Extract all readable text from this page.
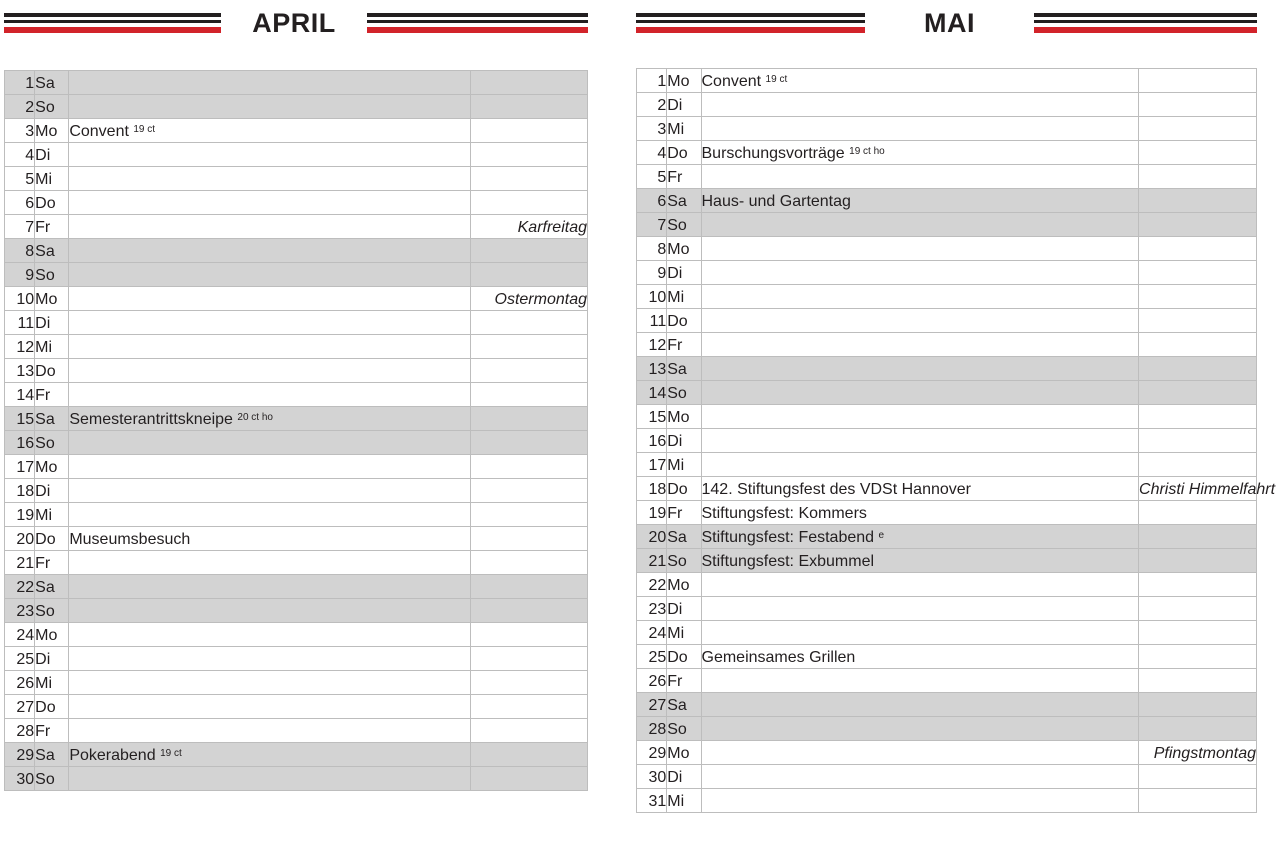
APRIL
1	Sa		
2	So		
3	Mo	Convent $^{19 ct}$	
4	Di		
5	Mi		
6	Do		
7	Fr		Karfreitag
8	Sa		
9	So		
10	Mo		Ostermontag
11	Di		
12	Mi		
13	Do		
14	Fr		
15	Sa	Semesterantrittskneipe $^{20 ct ho}$	
16	So		
17	Mo		
18	Di		
19	Mi		
20	Do	Museumsbesuch	
21	Fr		
22	Sa		
23	So		
24	Mo		
25	Di		
26	Mi		
27	Do		
28	Fr		
29	Sa	Pokerabend $^{19 ct}$	
30	So		
MAI
1	Mo	Convent $^{19 ct}$	
2	Di		
3	Mi		
4	Do	Burschungsvorträge $^{19 ct ho}$	
5	Fr		
6	Sa	Haus- und Gartentag	
7	So		
8	Mo		
9	Di		
10	Mi		
11	Do		
12	Fr		
13	Sa		
14	So		
15	Mo		
16	Di		
17	Mi		
18	Do	142. Stiftungsfest des VDSt Hannover	Christi Himmelfahrt
19	Fr	Stiftungsfest: Kommers	
20	Sa	Stiftungsfest: Festabend $^e$	
21	So	Stiftungsfest: Exbummel	
22	Mo		
23	Di		
24	Mi		
25	Do	Gemeinsames Grillen	
26	Fr		
27	Sa		
28	So		
29	Mo		Pfingstmontag
30	Di		
31	Mi		
